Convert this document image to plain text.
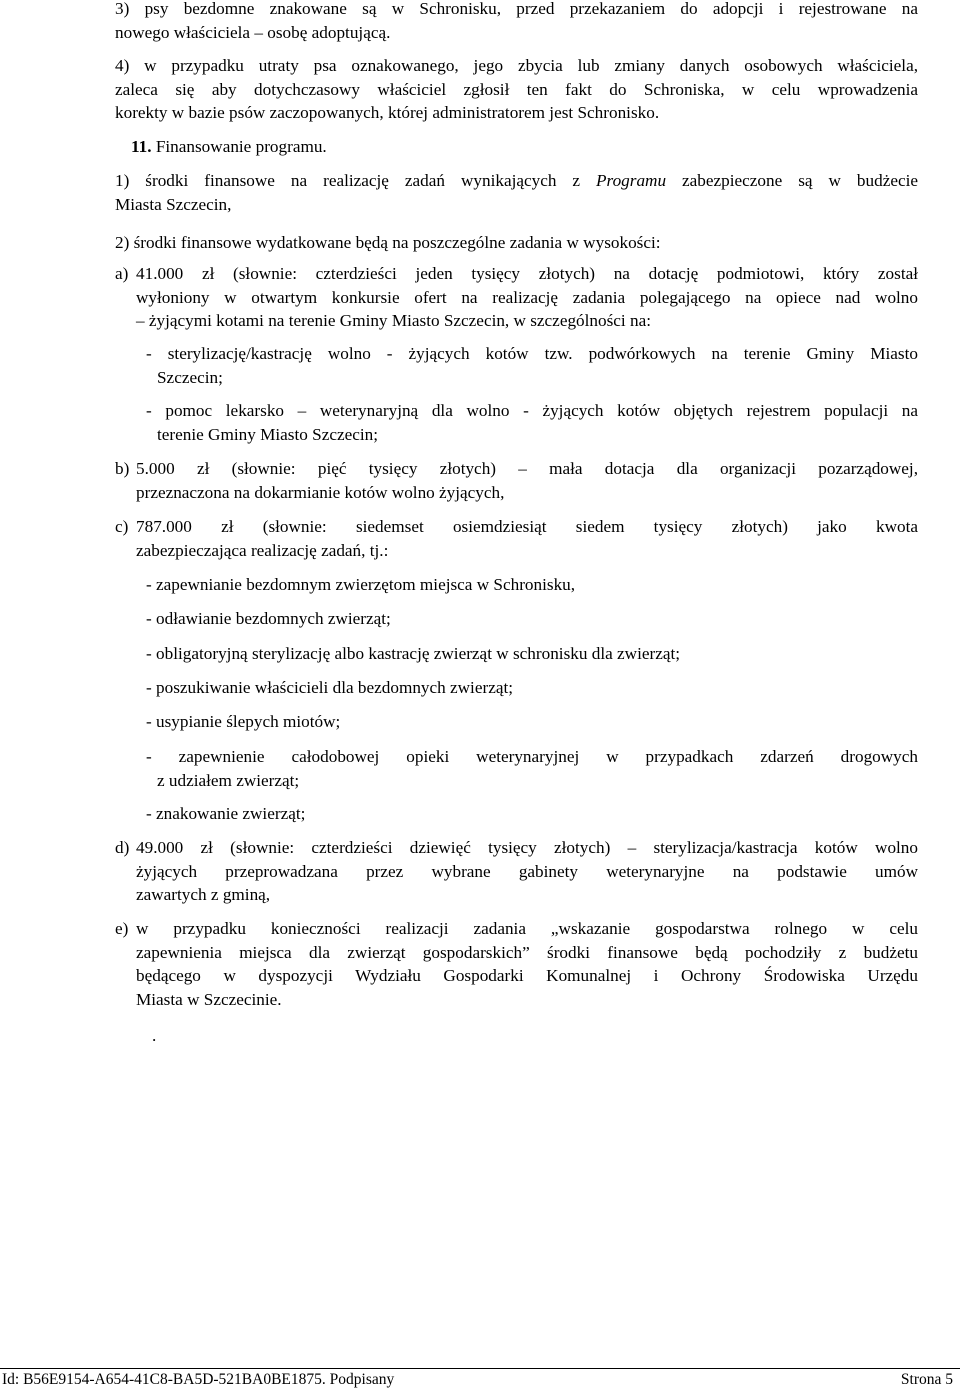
3) psy bezdomne znakowane są w Schronisku, przed przekazaniem do adopcji i rejestrowane na
nowego właściciela – osobę adoptującą.
4) w przypadku utraty psa oznakowanego, jego zbycia lub zmiany danych osobowych właściciela,
zaleca się aby dotychczasowy właściciel zgłosił ten fakt do Schroniska, w celu wprowadzenia
korekty w bazie psów zaczopowanych, której administratorem jest Schronisko.
11. Finansowanie programu.
1) środki finansowe na realizację zadań wynikających z Programu zabezpieczone są w budżecie
Miasta Szczecin,
2) środki finansowe wydatkowane będą na poszczególne zadania w wysokości:
a) 41.000 zł (słownie: czterdzieści jeden tysięcy złotych) na dotację podmiotowi, który został
wyłoniony w otwartym konkursie ofert na realizację zadania polegającego na opiece nad wolno
– żyjącymi kotami na terenie Gminy Miasto Szczecin, w szczególności na:
- sterylizację/kastrację wolno - żyjących kotów tzw. podwórkowych na terenie Gminy Miasto
Szczecin;
- pomoc lekarsko – weterynaryjną dla wolno - żyjących kotów objętych rejestrem populacji na
terenie Gminy Miasto Szczecin;
b) 5.000 zł (słownie: pięć tysięcy złotych) – mała dotacja dla organizacji pozarządowej,
przeznaczona na dokarmianie kotów wolno żyjących,
c) 787.000 zł (słownie: siedemset osiemdziesiąt siedem tysięcy złotych) jako kwota
zabezpieczająca realizację zadań, tj.:
- zapewnianie bezdomnym zwierzętom miejsca w Schronisku,
- odławianie bezdomnych zwierząt;
- obligatoryjną sterylizację albo kastrację zwierząt w schronisku dla zwierząt;
- poszukiwanie właścicieli dla bezdomnych zwierząt;
- usypianie ślepych miotów;
- zapewnienie całodobowej opieki weterynaryjnej w przypadkach zdarzeń drogowych
z udziałem zwierząt;
- znakowanie zwierząt;
d) 49.000 zł (słownie: czterdzieści dziewięć tysięcy złotych) – sterylizacja/kastracja kotów wolno
żyjących przeprowadzana przez wybrane gabinety weterynaryjne na podstawie umów
zawartych z gminą,
e) w przypadku konieczności realizacji zadania „wskazanie gospodarstwa rolnego w celu
zapewnienia miejsca dla zwierząt gospodarskich” środki finansowe będą pochodziły z budżetu
będącego w dyspozycji Wydziału Gospodarki Komunalnej i Ochrony Środowiska Urzędu
Miasta w Szczecinie.
.
Id: B56E9154-A654-41C8-BA5D-521BA0BE1875. Podpisany	Strona 5
